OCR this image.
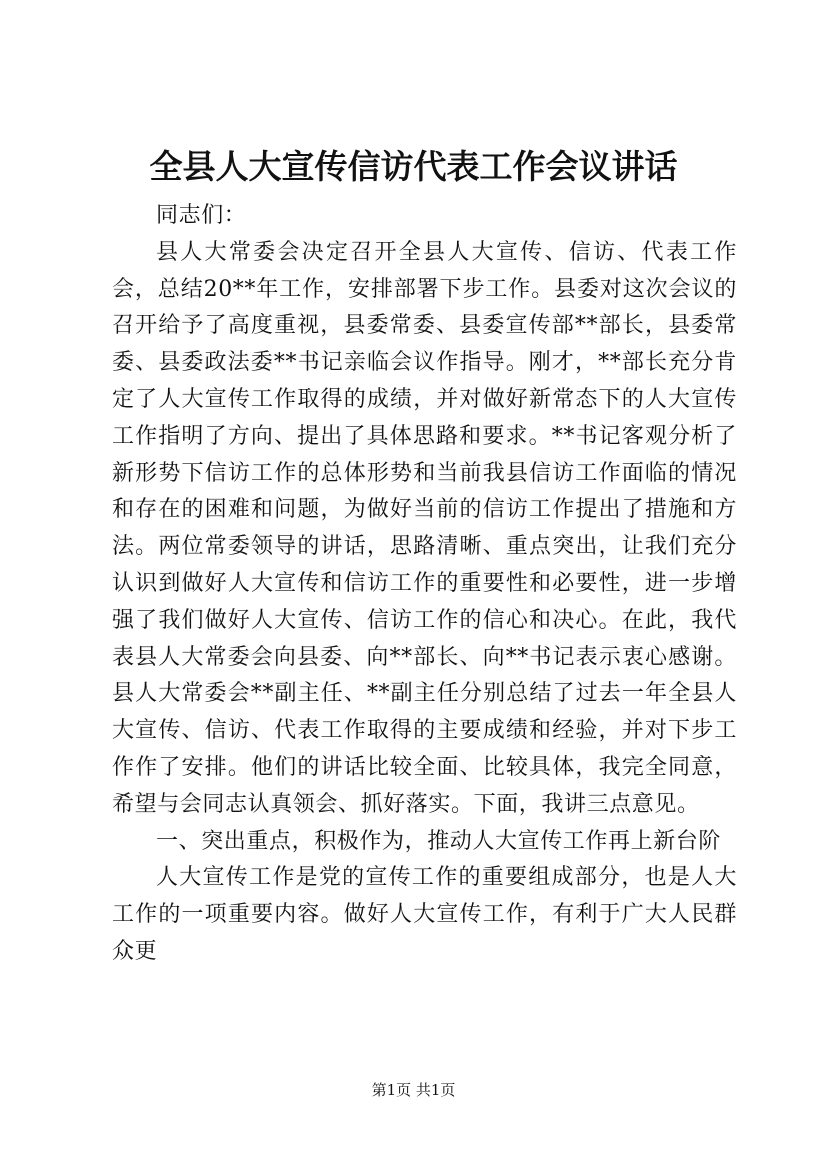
全县人大宣传信访代表工作会议讲话

同志们：

县人大常委会决定召开全县人大宣传、信访、代表工作会，总结20**年工作，安排部署下步工作。县委对这次会议的召开给予了高度重视，县委常委、县委宣传部**部长，县委常委、县委政法委**书记亲临会议作指导。刚才，**部长充分肯定了人大宣传工作取得的成绩，并对做好新常态下的人大宣传工作指明了方向、提出了具体思路和要求。**书记客观分析了新形势下信访工作的总体形势和当前我县信访工作面临的情况和存在的困难和问题，为做好当前的信访工作提出了措施和方法。两位常委领导的讲话，思路清晰、重点突出，让我们充分认识到做好人大宣传和信访工作的重要性和必要性，进一步增强了我们做好人大宣传、信访工作的信心和决心。在此，我代表县人大常委会向县委、向**部长、向**书记表示衷心感谢。县人大常委会**副主任、**副主任分别总结了过去一年全县人大宣传、信访、代表工作取得的主要成绩和经验，并对下步工作作了安排。他们的讲话比较全面、比较具体，我完全同意，希望与会同志认真领会、抓好落实。下面，我讲三点意见。

一、突出重点，积极作为，推动人大宣传工作再上新台阶

人大宣传工作是党的宣传工作的重要组成部分，也是人大工作的一项重要内容。做好人大宣传工作，有利于广大人民群众更

第1页 共1页
